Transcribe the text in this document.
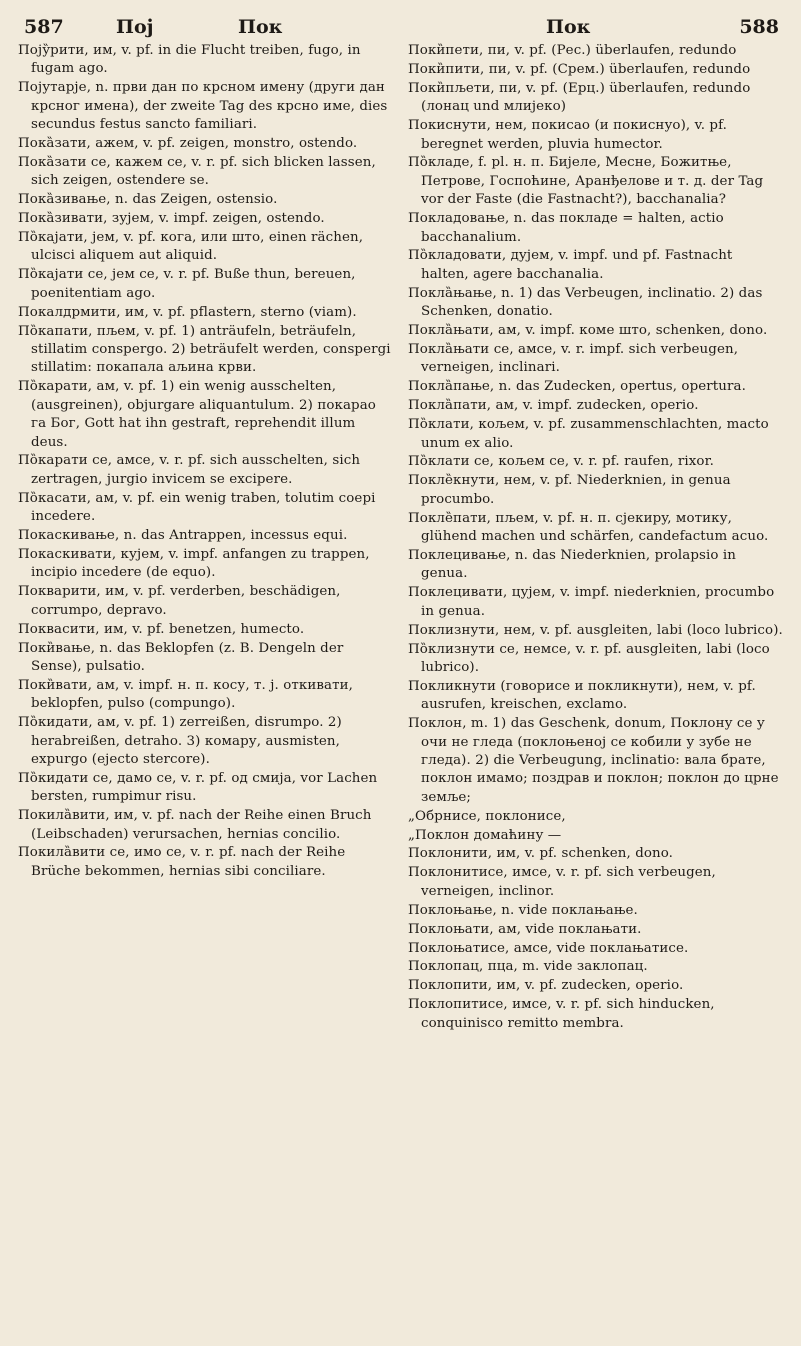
587	Поj	Пок	Пок	588

Поjу̏рити, им, v. pf. in die Flucht treiben, fugo, in fugam ago.

Поjутарjе, n. први дан по крсном имену (други дан крсног имена), der zweite Tag des крсно име, dies secundus festus sancto familiari.

Пока̏зати, ажем, v. pf. zeigen, monstro, ostendo.

Пока̏зати се, кажем се, v. r. pf. sich blicken lassen, sich zeigen, ostendere se.

Пока̏зивање, n. das Zeigen, ostensio.

Пока̏зивати, зуjем, v. impf. zeigen, ostendo.

По̏каjати, jем, v. pf. кога, или што, einen rächen, ulcisci aliquem aut aliquid.

По̏каjати се, jем се, v. r. pf. Buße thun, bereuen, poenitentiam ago.

Покалдрмити, им, v. pf. pflastern, sterno (viam).

По̏капати, пљем, v. pf. 1) anträufeln, beträufeln, stillatim conspergo. 2) beträufelt werden, conspergi stillatim: покапала аљина крви.

По̏карати, ам, v. pf. 1) ein wenig ausschelten, (ausgreinen), objurgare aliquantulum. 2) покарао га Бог, Gott hat ihn gestraft, reprehendit illum deus.

По̏карати се, амсе, v. r. pf. sich ausschelten, sich zertragen, jurgio invicem se excipere.

По̏касати, ам, v. pf. ein wenig traben, tolutim coepi incedere.

Покаскивање, n. das Antrappen, incessus equi.

Покаскивати, куjем, v. impf. anfangen zu trappen, incipio incedere (de equo).

Покварити, им, v. pf. verderben, beschädigen, corrumpo, depravo.

Поквасити, им, v. pf. benetzen, humecto.

Поки̏вање, n. das Beklopfen (z. B. Dengeln der Sense), pulsatio.

Поки̏вати, ам, v. impf. н. п. косу, т. j. откивати, beklopfen, pulso (compungo).

По̏кидати, ам, v. pf. 1) zerreißen, disrumpo. 2) herabreißen, detraho. 3) комару, ausmisten, expurgo (ejecto stercore).

По̏кидати се, дамо се, v. r. pf. од смиjа, vor Lachen bersten, rumpimur risu.

Покила̏вити, им, v. pf. nach der Reihe einen Bruch (Leibschaden) verursachen, hernias concilio.

Покила̏вити се, имо се, v. r. pf. nach der Reihe Brüche bekommen, hernias sibi conciliare.

Поки̏пети, пи, v. pf. (Рес.) überlaufen, redundo

Поки̏пити, пи, v. pf. (Срем.) überlaufen, redundo

Поки̏пљети, пи, v. pf. (Ерц.) überlaufen, redundo (лонац und млиjеко)

Покиснути, нем, покисао (и покиснуо), v. pf. beregnet werden, pluvia humector.

По̏кладе, f. pl. н. п. Биjеле, Месне, Божитње, Петрове, Госпоћине, Аранђелове и т. д. der Tag vor der Faste (die Fastnacht?), bacchanalia?

Покладовање, n. das покладе = halten, actio bacchanalium.

По̏кладовати, дуjем, v. impf. und pf. Fastnacht halten, agere bacchanalia.

Покла̏њање, n. 1) das Verbeugen, inclinatio. 2) das Schenken, donatio.

Покла̏њати, ам, v. impf. коме што, schenken, dono.

Покла̏њати се, амсе, v. r. impf. sich verbeugen, verneigen, inclinari.

Покла̏пање, n. das Zudecken, opertus, opertura.

Покла̏пати, ам, v. impf. zudecken, operio.

По̏клати, кољем, v. pf. zusammenschlachten, macto unum ex alio.

По̏клати се, кољем се, v. r. pf. raufen, rixor.

Покле̏кнути, нем, v. pf. Niederknien, in genua procumbo.

Покле̏пати, пљем, v. pf. н. п. cjeкиpy, мотику, glühend machen und schärfen, candefactum acuo.

Поклецивање, n. das Niederknien, prolapsio in genua.

Поклецивати, цуjем, v. impf. niederknien, procumbo in genua.

Поклизнути, нем, v. pf. ausgleiten, labi (loco lubrico).

По̏клизнути се, немсе, v. r. pf. ausgleiten, labi (loco lubrico).

Покликнути (говорисе и покликнути), нем, v. pf. ausrufen, kreischen, exclamo.

Поклон, m. 1) das Geschenk, donum, Поклону се у очи не гледа (поклоњеној се кобили у зубе не гледа). 2) die Verbeugung, inclinatio: вала брате, поклон имамо; поздрав и поклон; поклон до црне земље;

„Обрнисе, поклонисе,

„Поклон домаћину —

Поклонити, им, v. pf. schenken, dono.

Поклонитисе, имсе, v. r. pf. sich verbeugen, verneigen, inclinor.

Поклоњање, n. vide поклањање.

Поклоњати, ам, vide поклањати.

Поклоњатисе, амсе, vide поклањатисе.

Поклопац, пца, m. vide заклопац.

Поклопити, им, v. pf. zudecken, operio.

Поклопитисе, имсе, v. r. pf. sich hinducken, conquinisco remitto membra.
